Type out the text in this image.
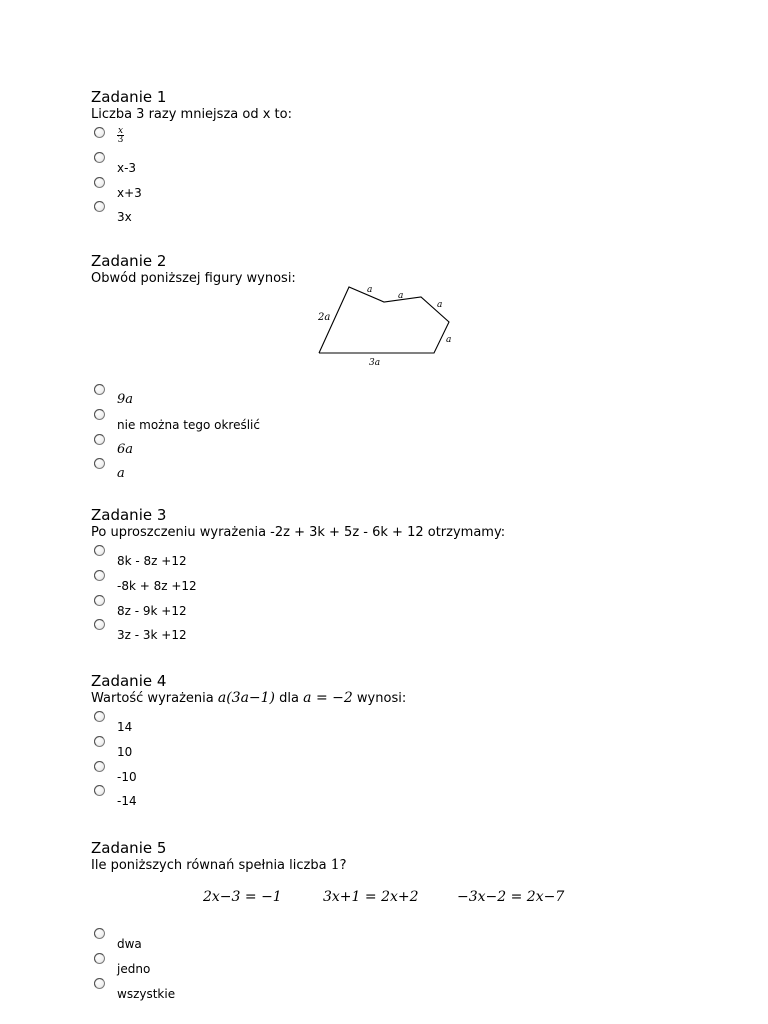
Zadanie 1

Liczba 3 razy mniejsza od x to:

$\frac{x}{3}$
x-3
x+3
3x
Zadanie 2

Obwód poniższej figury wynosi:

2a
a
a
a
a
3a
9a
nie można tego określić
6a
a
Zadanie 3

Po uproszczeniu wyrażenia -2z + 3k + 5z - 6k + 12 otrzymamy:

8k - 8z +12
-8k + 8z +12
8z - 9k +12
3z - 3k +12
Zadanie 4

Wartość wyrażenia a(3a−1) dla a = −2 wynosi:

14
10
-10
-14
Zadanie 5

Ile poniższych równań spełnia liczba 1?

2x−3 = −1	3x+1 = 2x+2	−3x−2 = 2x−7
dwa
jedno
wszystkie
